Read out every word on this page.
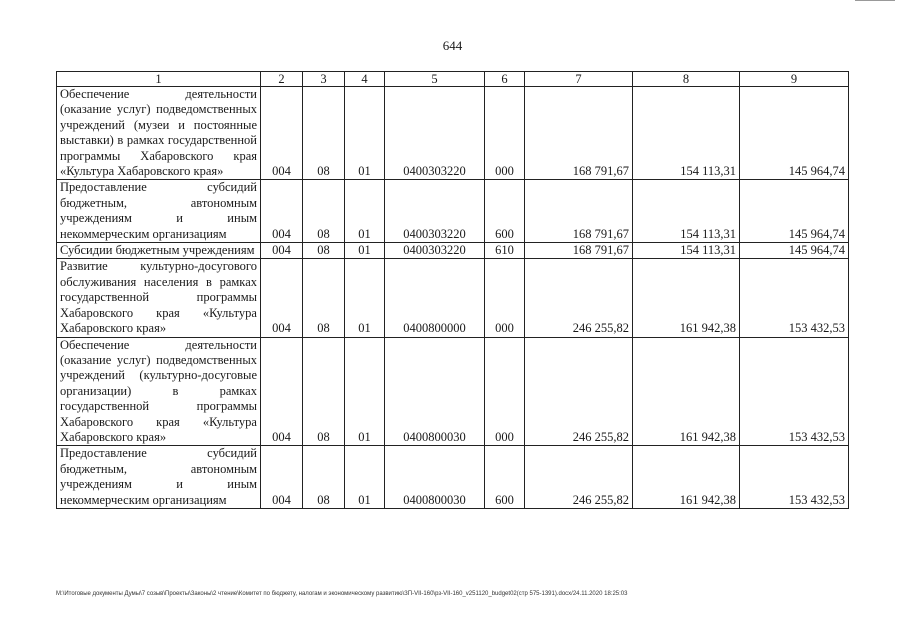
644
1	2	3	4	5	6	7	8	9
Обеспечение деятельности (оказание услуг) подведомственных учреждений (музеи и постоянные выставки) в рамках государственной программы Хабаровского края «Культура Хабаровского края»	004	08	01	0400303220	000	168 791,67	154 113,31	145 964,74
Предоставление субсидий бюджетным, автономным учреждениям и иным некоммерческим организациям	004	08	01	0400303220	600	168 791,67	154 113,31	145 964,74
Субсидии бюджетным учреждениям	004	08	01	0400303220	610	168 791,67	154 113,31	145 964,74
Развитие культурно-досугового обслуживания населения в рамках государственной программы Хабаровского края «Культура Хабаровского края»	004	08	01	0400800000	000	246 255,82	161 942,38	153 432,53
Обеспечение деятельности (оказание услуг) подведомственных учреждений (культурно-досуговые организации) в рамках государственной программы Хабаровского края «Культура Хабаровского края»	004	08	01	0400800030	000	246 255,82	161 942,38	153 432,53
Предоставление субсидий бюджетным, автономным учреждениям и иным некоммерческим организациям	004	08	01	0400800030	600	246 255,82	161 942,38	153 432,53
M:\Итоговые документы Думы\7 созыв\Проекты\Законы\2 чтение\Комитет по бюджету, налогам и экономическому развитию\ЗП-VII-160\рз-VII-160_v251120_budget02(стр 575-1391).docx/24.11.2020 18:25:03
